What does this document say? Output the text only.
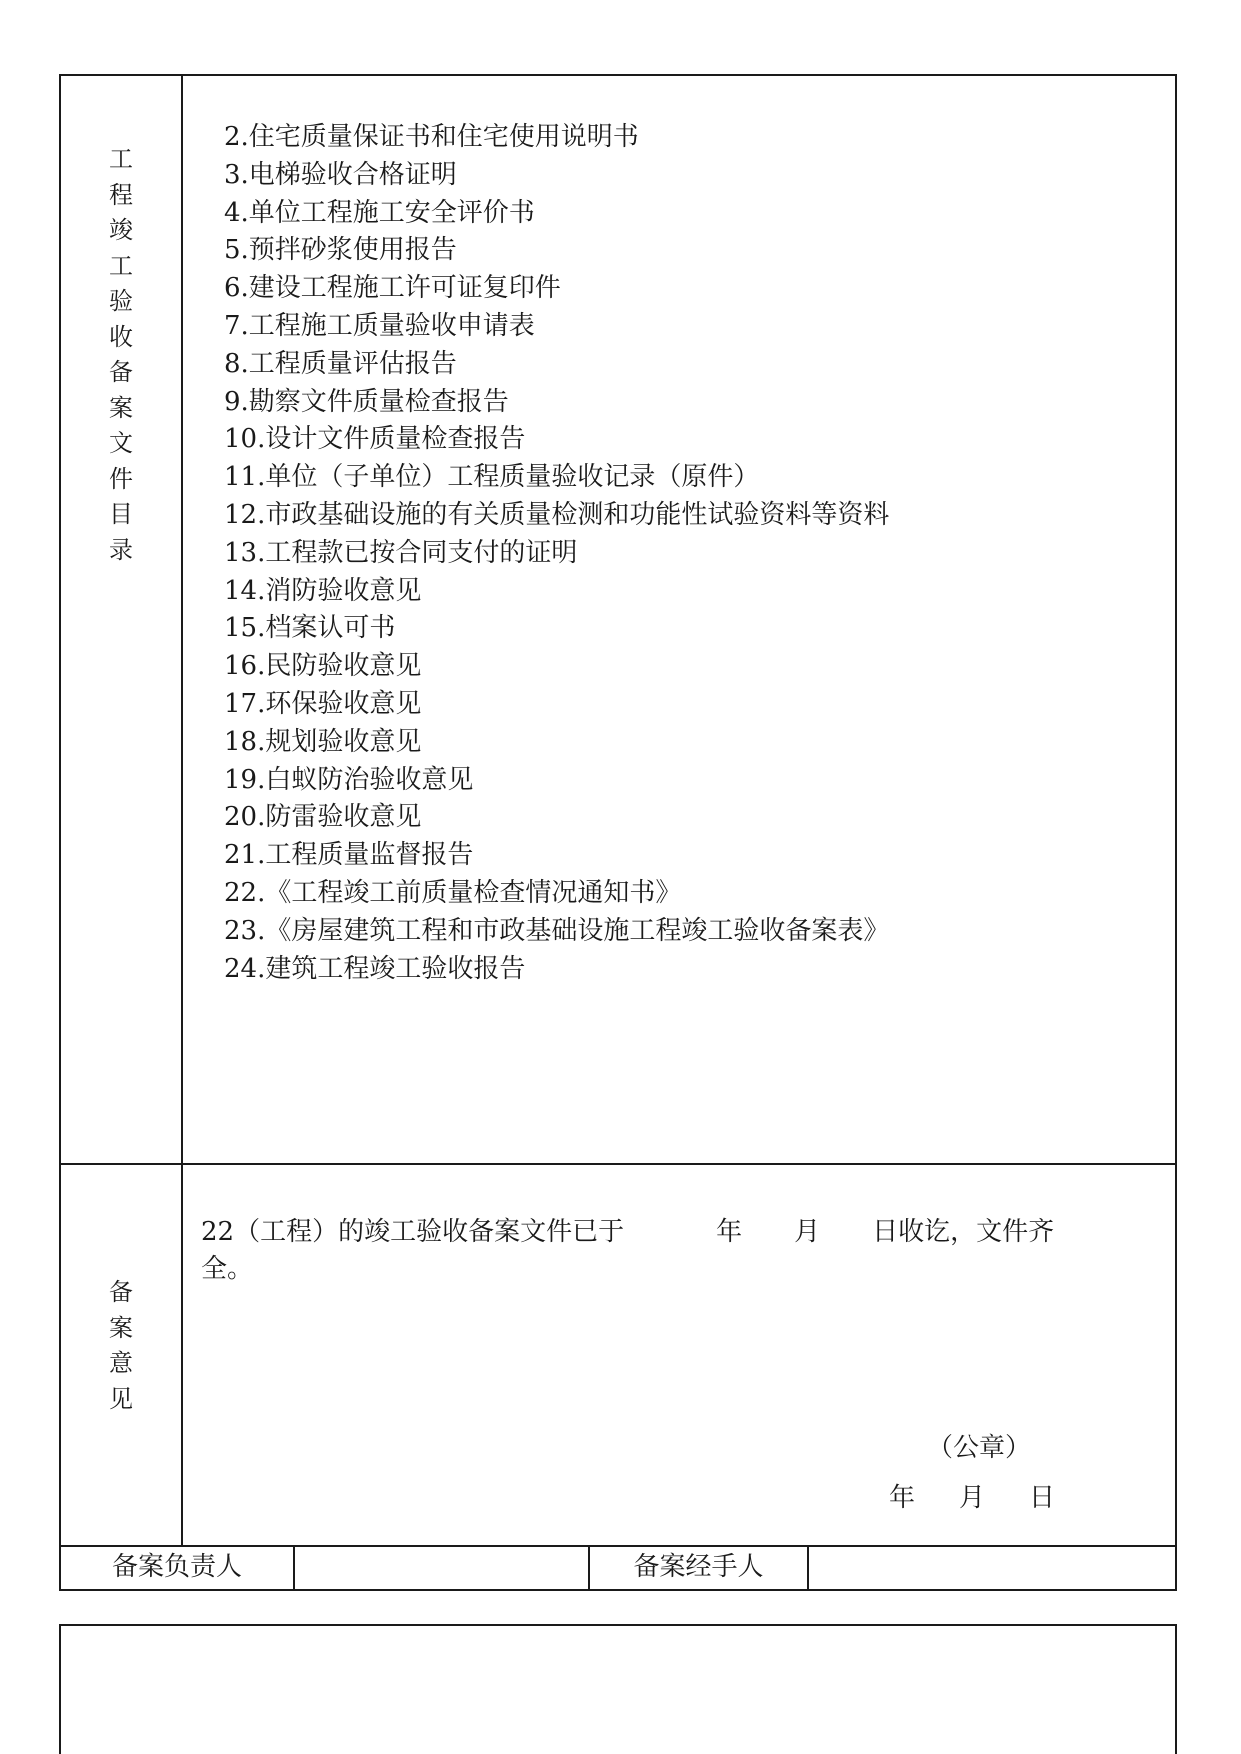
工
程
竣
工
验
收
备
案
文
件
目
录
2.住宅质量保证书和住宅使用说明书
3.电梯验收合格证明
4.单位工程施工安全评价书
5.预拌砂浆使用报告
6.建设工程施工许可证复印件
7.工程施工质量验收申请表
8.工程质量评估报告
9.勘察文件质量检查报告
10.设计文件质量检查报告
11.单位（子单位）工程质量验收记录（原件）
12.市政基础设施的有关质量检测和功能性试验资料等资料
13.工程款已按合同支付的证明
14.消防验收意见
15.档案认可书
16.民防验收意见
17.环保验收意见
18.规划验收意见
19.白蚁防治验收意见
20.防雷验收意见
21.工程质量监督报告
22.《工程竣工前质量检查情况通知书》
23.《房屋建筑工程和市政基础设施工程竣工验收备案表》
24.建筑工程竣工验收报告
备
案
意
见
22（工程）的竣工验收备案文件已于	年 月 日收讫，文件齐
全。
（公章）
年 月 日
备案负责人	备案经手人
